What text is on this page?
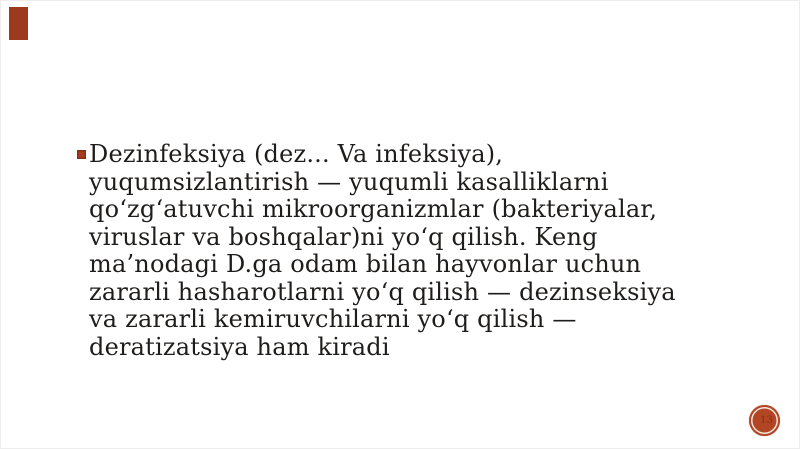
Dezinfeksiya (dez... Va infeksiya),
yuqumsizlantirish — yuqumli kasalliklarni
qo‘zg‘atuvchi mikroorganizmlar (bakteriyalar,
viruslar va boshqalar)ni yo‘q qilish. Keng
ma’nodagi D.ga odam bilan hayvonlar uchun
zararli hasharotlarni yo‘q qilish — dezinseksiya
va zararli kemiruvchilarni yo‘q qilish —
deratizatsiya ham kiradi
13
